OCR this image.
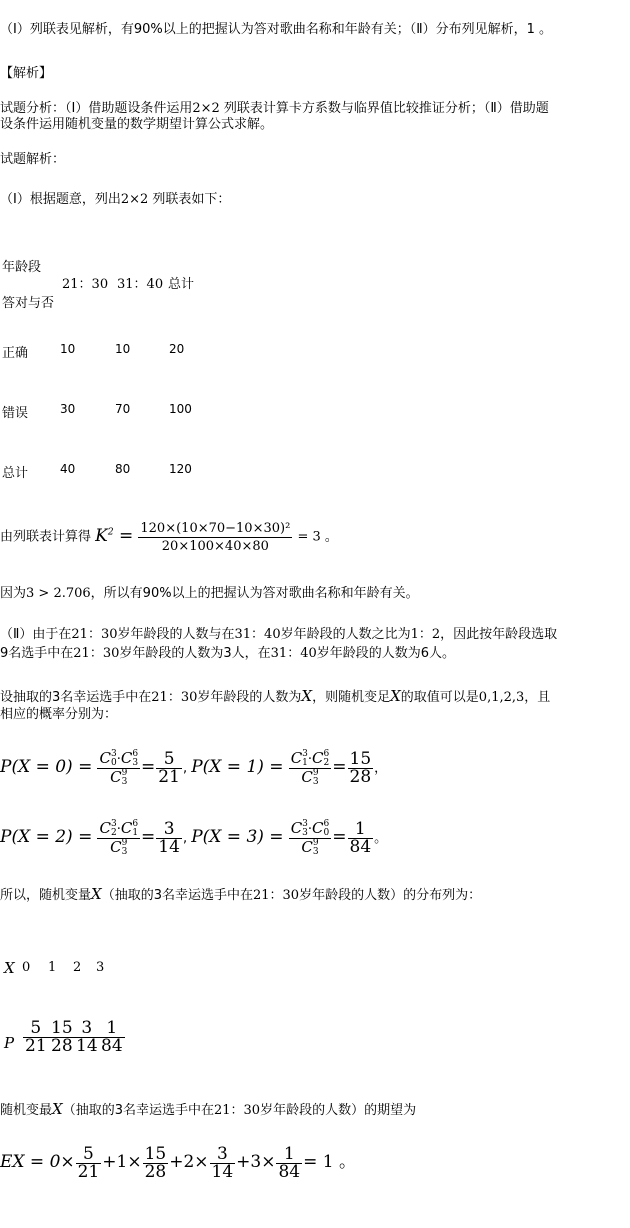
（Ⅰ）列联表见解析，有90%以上的把握认为答对歌曲名称和年龄有关；（Ⅱ）分布列见解析，1 。
【解析】
试题分析：（Ⅰ）借助题设条件运用2×2 列联表计算卡方系数与临界值比较推证分析；（Ⅱ）借助题
设条件运用随机变量的数学期望计算公式求解。
试题解析：
（Ⅰ）根据题意，列出2×2 列联表如下：
年龄段
21：30 31：40 总计
答对与否
正确	10	10	20
错误	30	70	100
总计	40	80	120
由列联表计算得 $K^2 = \frac{\text{120×(10×70−10×30)²}}{20\times 100\times 40\times 80} = 3$ 。
因为3 > 2.706，所以有90%以上的把握认为答对歌曲名称和年龄有关。
（Ⅱ）由于在21：30岁年龄段的人数与在31：40岁年龄段的人数之比为1：2，因此按年龄段选取
9名选手中在21：30岁年龄段的人数为3人，在31：40岁年龄段的人数为6人。
设抽取的3名幸运选手中在21：30岁年龄段的人数为X，则随机变足X的取值可以是0,1,2,3，且
相应的概率分别为：
P(X = 0) = C3
0·C6
3
C9
3
= $\frac{5}{21}$ , P(X = 1) = C3
1·C6
2
C9
3
= $\frac{15}{28}$ ，
P(X = 2) = C3
2·C6
1
C9
3
= $\frac{3}{14}$ , P(X = 3) = C3
3·C6
0
C9
3
= $\frac{1}{84}$ 。
所以，随机变量X（抽取的3名幸运选手中在21：30岁年龄段的人数）的分布列为：
X 0 1 2 3
P $\frac{5}{21} \frac{15}{28} \frac{3}{14} \frac{1}{84}$
随机变最X（抽取的3名幸运选手中在21：30岁年龄段的人数）的期望为
EX = $0\times \frac{5}{21} +1\times \frac{15}{28} +2\times \frac{3}{14} +3\times \frac{1}{84} = 1$ 。
